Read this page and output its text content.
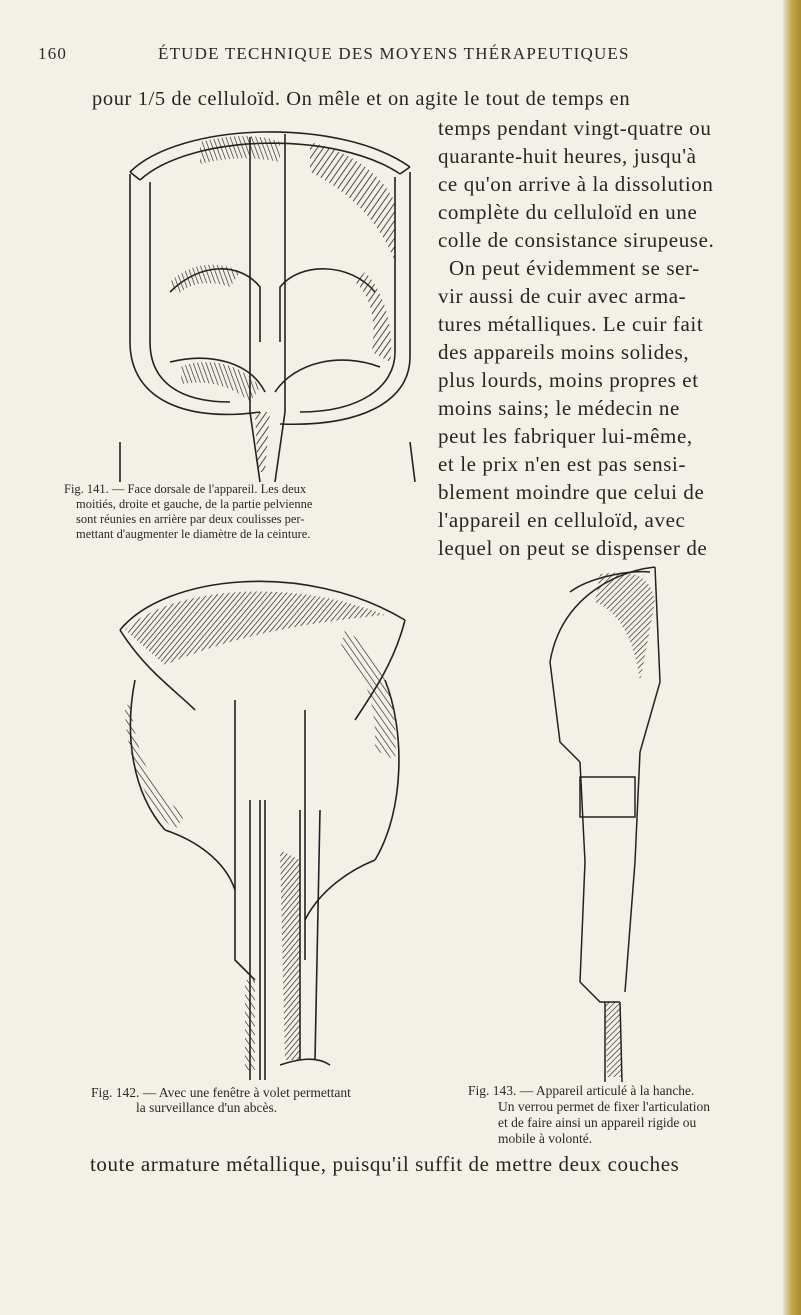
160	ÉTUDE TECHNIQUE DES MOYENS THÉRAPEUTIQUES
pour 1/5 de celluloïd. On mêle et on agite le tout de temps en
temps pendant vingt-quatre ou
quarante-huit heures, jusqu'à
ce qu'on arrive à la dissolution
complète du celluloïd en une
colle de consistance sirupeuse.
On peut évidemment se ser-
vir aussi de cuir avec arma-
tures métalliques. Le cuir fait
des appareils moins solides,
plus lourds, moins propres et
moins sains; le médecin ne
peut les fabriquer lui-même,
et le prix n'en est pas sensi-
blement moindre que celui de
l'appareil en celluloïd, avec
lequel on peut se dispenser de
Fig. 141. — Face dorsale de l'appareil. Les deux
moitiés, droite et gauche, de la partie pelvienne
sont réunies en arrière par deux coulisses per-
mettant d'augmenter le diamètre de la ceinture.
Fig. 142. — Avec une fenêtre à volet permettant
la surveillance d'un abcès.
Fig. 143. — Appareil articulé à la hanche.
Un verrou permet de fixer l'articulation
et de faire ainsi un appareil rigide ou
mobile à volonté.
toute armature métallique, puisqu'il suffit de mettre deux couches
